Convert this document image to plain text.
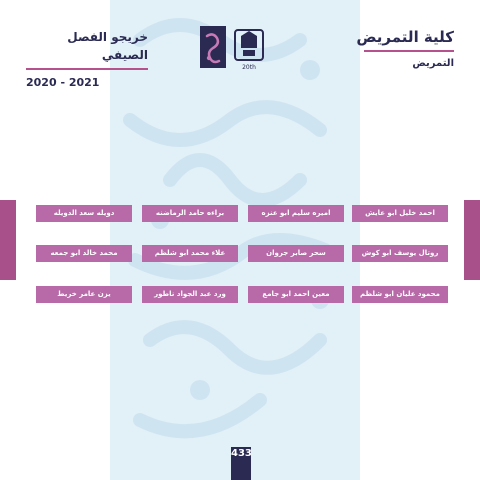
كلية التمريض
التمريض
خريجو الفصل الصيفي
2020 - 2021
20th
احمد خليل ابو عايش
اميره سليم ابو عنزه
براءه حامد الرماضنه
دويله سعد الدويله
روتال يوسف ابو كوش
سحر صابر جروان
علاء محمد ابو شلظم
محمد خالد ابو جمعه
محمود عليان ابو شلظم
معين احمد ابو جامع
ورد عبد الجواد ناطور
يزن عامر خريط
433
